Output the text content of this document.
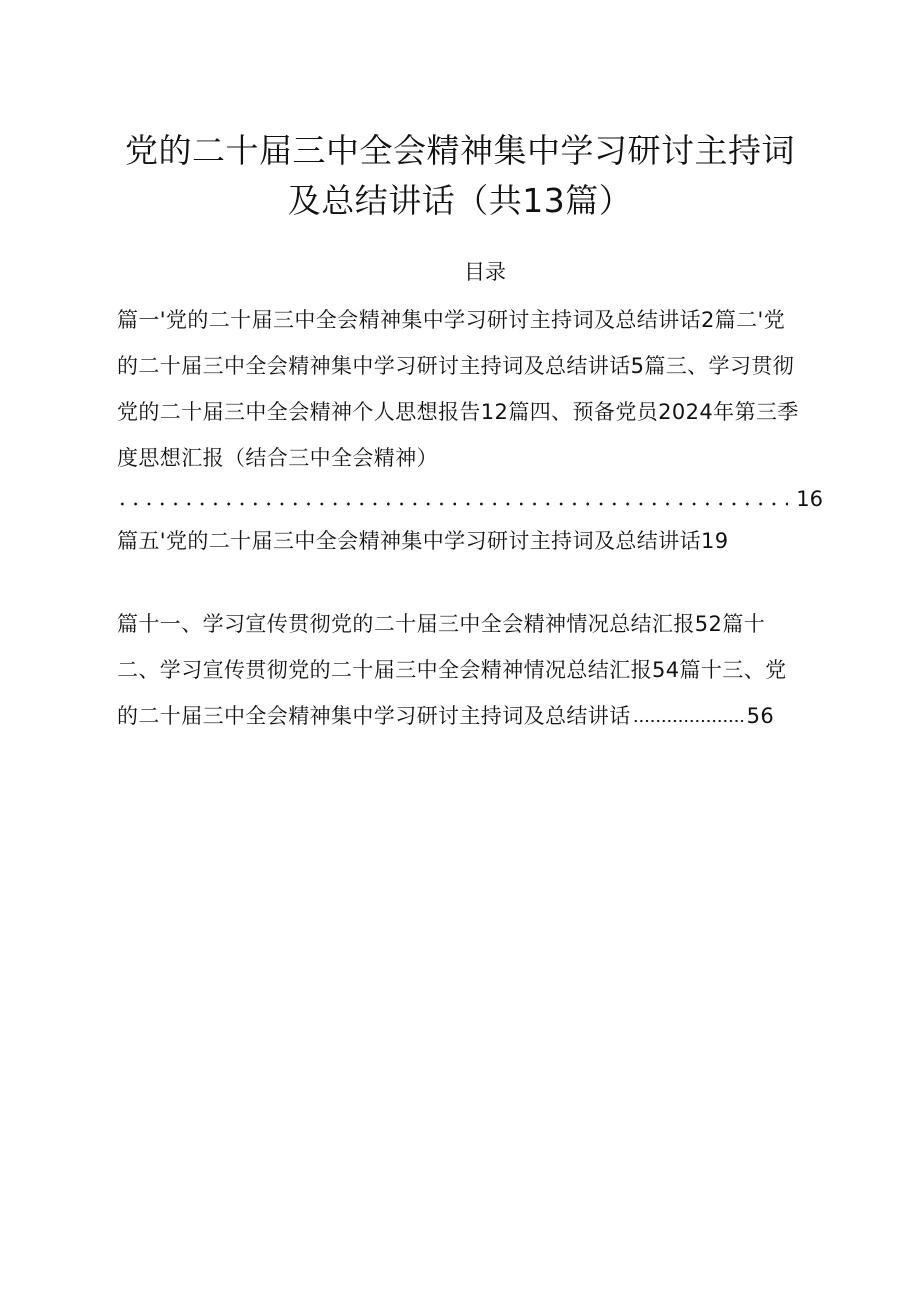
党的二十届三中全会精神集中学习研讨主持词
及总结讲话（共13篇）
目录
篇一'党的二十届三中全会精神集中学习研讨主持词及总结讲话2篇二'党
的二十届三中全会精神集中学习研讨主持词及总结讲话5篇三、学习贯彻
党的二十届三中全会精神个人思想报告12篇四、预备党员2024年第三季
度思想汇报（结合三中全会精神）
16
篇五'党的二十届三中全会精神集中学习研讨主持词及总结讲话19
篇十一、学习宣传贯彻党的二十届三中全会精神情况总结汇报52篇十
二、学习宣传贯彻党的二十届三中全会精神情况总结汇报54篇十三、党
的二十届三中全会精神集中学习研讨主持词及总结讲话	56
